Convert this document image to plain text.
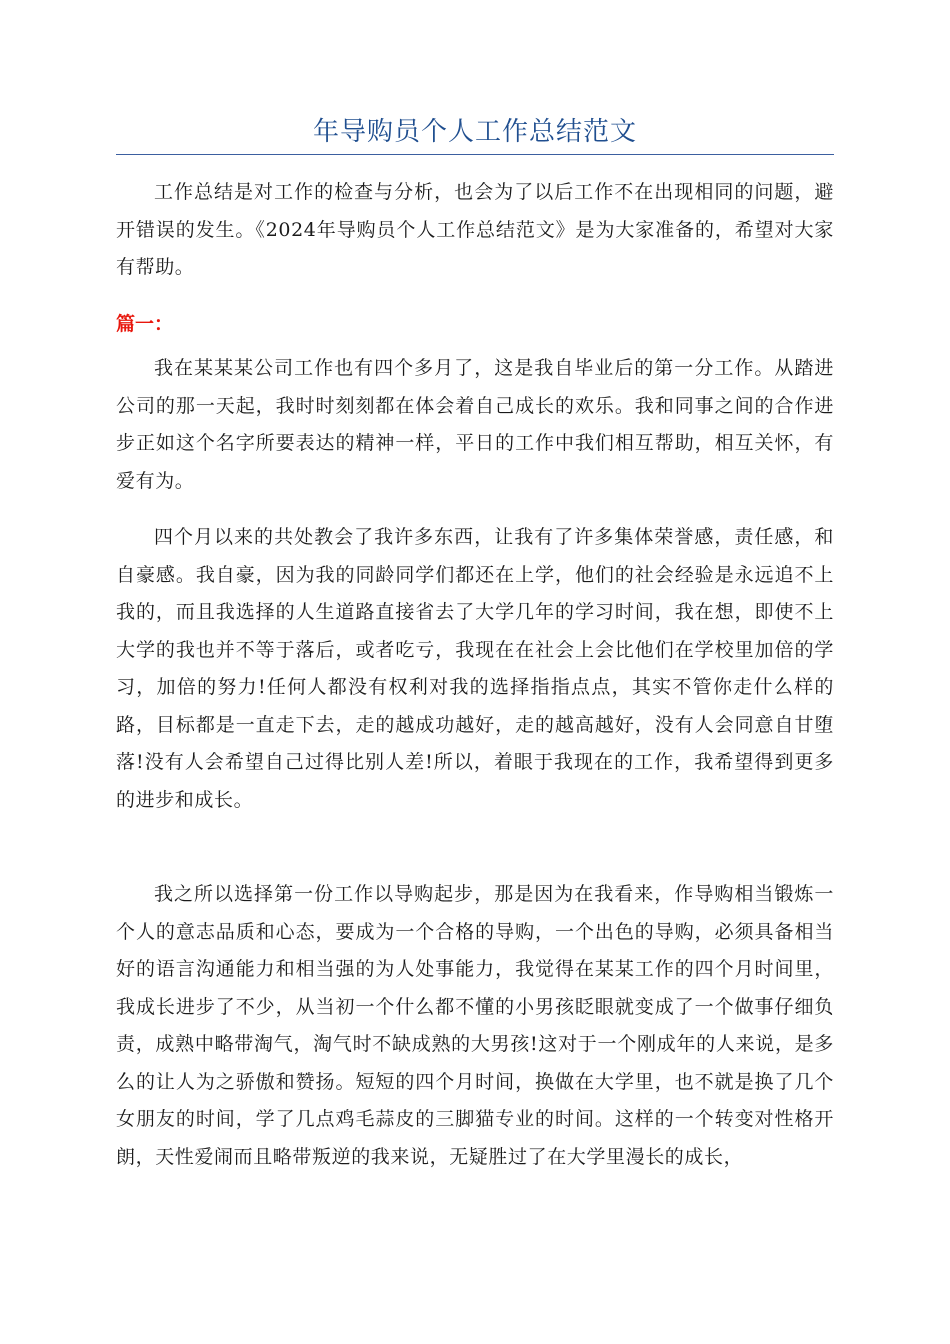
年导购员个人工作总结范文

工作总结是对工作的检查与分析，也会为了以后工作不在出现相同的问题，避开错误的发生。《2024年导购员个人工作总结范文》是为大家准备的，希望对大家有帮助。

篇一：

我在某某某公司工作也有四个多月了，这是我自毕业后的第一分工作。从踏进公司的那一天起，我时时刻刻都在体会着自己成长的欢乐。我和同事之间的合作进步正如这个名字所要表达的精神一样，平日的工作中我们相互帮助，相互关怀，有爱有为。

四个月以来的共处教会了我许多东西，让我有了许多集体荣誉感，责任感，和自豪感。我自豪，因为我的同龄同学们都还在上学，他们的社会经验是永远追不上我的，而且我选择的人生道路直接省去了大学几年的学习时间，我在想，即使不上大学的我也并不等于落后，或者吃亏，我现在在社会上会比他们在学校里加倍的学习，加倍的努力!任何人都没有权利对我的选择指指点点，其实不管你走什么样的路，目标都是一直走下去，走的越成功越好，走的越高越好，没有人会同意自甘堕落!没有人会希望自己过得比别人差!所以，着眼于我现在的工作，我希望得到更多的进步和成长。

我之所以选择第一份工作以导购起步，那是因为在我看来，作导购相当锻炼一个人的意志品质和心态，要成为一个合格的导购，一个出色的导购，必须具备相当好的语言沟通能力和相当强的为人处事能力，我觉得在某某工作的四个月时间里，我成长进步了不少，从当初一个什么都不懂的小男孩眨眼就变成了一个做事仔细负责，成熟中略带淘气，淘气时不缺成熟的大男孩!这对于一个刚成年的人来说，是多么的让人为之骄傲和赞扬。短短的四个月时间，换做在大学里，也不就是换了几个女朋友的时间，学了几点鸡毛蒜皮的三脚猫专业的时间。这样的一个转变对性格开朗，天性爱闹而且略带叛逆的我来说，无疑胜过了在大学里漫长的成长，
